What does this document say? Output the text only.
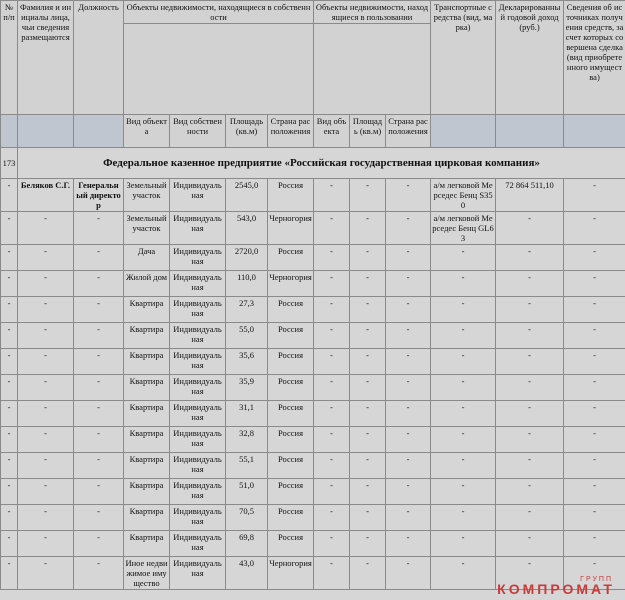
№ п/п	Фамилия и инициалы лица, чьи сведения размещаются	Должность	Объекты недвижимости, находящиеся в собственности				Объекты недвижимости, находящиеся в пользовании			Транспортные средства (вид, марка)	Декларированный годовой доход (руб.)	Сведения об источниках получения средств, за счет которых совершена сделка (вид приобретенного имущества)

			Вид объекта	Вид собственности	Площадь (кв.м)	Страна расположения	Вид объекта	Площадь (кв.м)	Страна расположения			
173	Федеральное казенное предприятие «Российская государственная цирковая компания»											
-	Беляков С.Г.	Генеральный директор	Земельный участок	Индивидуальная	2545,0	Россия	-	-	-	а/м легковой Мерседес Бенц S350	72 864 511,10	-
-	-	-	Земельный участок	Индивидуальная	543,0	Черногория	-	-	-	а/м легковой Мерседес Бенц GL63	-	-
-	-	-	Дача	Индивидуальная	2720,0	Россия	-	-	-	-	-	-
-	-	-	Жилой дом	Индивидуальная	110,0	Черногория	-	-	-	-	-	-
-	-	-	Квартира	Индивидуальная	27,3	Россия	-	-	-	-	-	-
-	-	-	Квартира	Индивидуальная	55,0	Россия	-	-	-	-	-	-
-	-	-	Квартира	Индивидуальная	35,6	Россия	-	-	-	-	-	-
-	-	-	Квартира	Индивидуальная	35,9	Россия	-	-	-	-	-	-
-	-	-	Квартира	Индивидуальная	31,1	Россия	-	-	-	-	-	-
-	-	-	Квартира	Индивидуальная	32,8	Россия	-	-	-	-	-	-
-	-	-	Квартира	Индивидуальная	55,1	Россия	-	-	-	-	-	-
-	-	-	Квартира	Индивидуальная	51,0	Россия	-	-	-	-	-	-
-	-	-	Квартира	Индивидуальная	70,5	Россия	-	-	-	-	-	-
-	-	-	Квартира	Индивидуальная	69,8	Россия	-	-	-	-	-	-
-	-	-	Иное недвижимое имущество	Индивидуальная	43,0	Черногория	-	-	-	-	-	-
ГРУПП
КОМПРОМАТ
